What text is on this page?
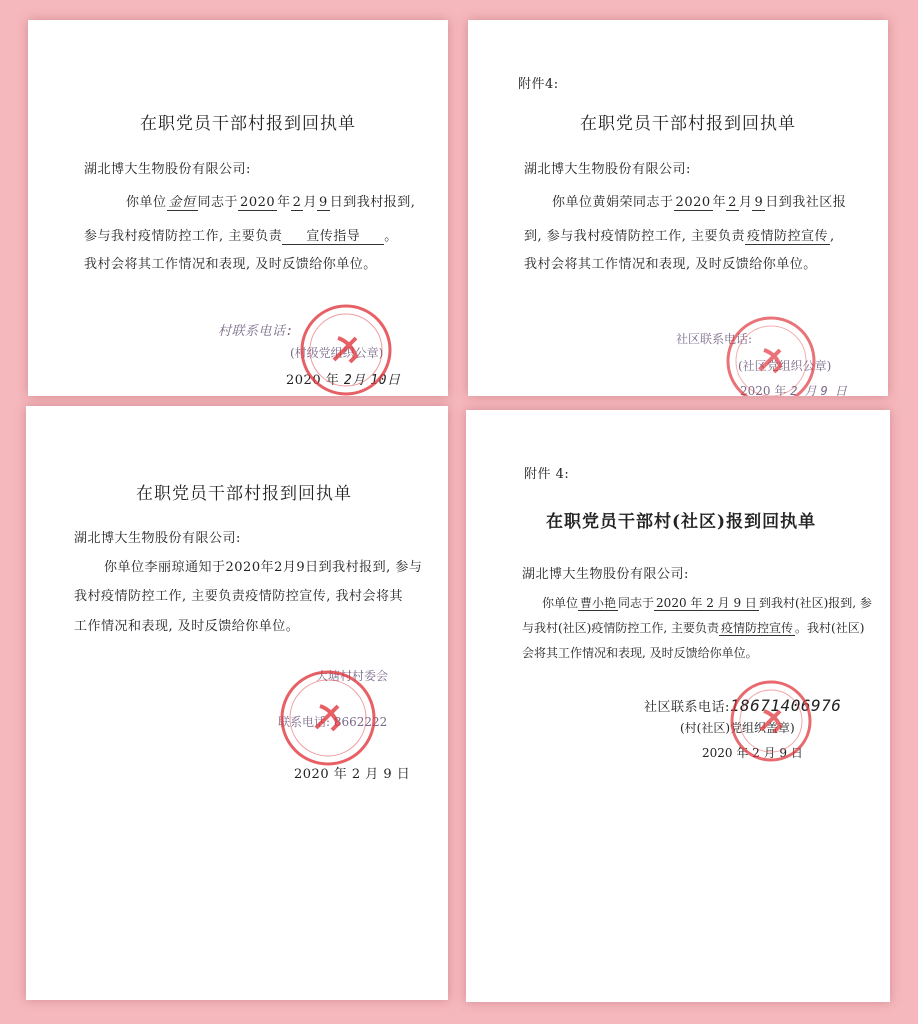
在职党员干部村报到回执单
湖北博大生物股份有限公司:
你单位 金恒 同志于 2020 年 2 月 9 日到我村报到,
参与我村疫情防控工作, 主要负责 宣传指导 。
我村会将其工作情况和表现, 及时反馈给你单位。
村联系电话:
(村级党组织公章)
2020 年 2月 10日
附件4:
在职党员干部村报到回执单
湖北博大生物股份有限公司:
你单位黄娟荣同志于 2020 年 2 月 9 日到我社区报
到, 参与我村疫情防控工作, 主要负责 疫情防控宣传 ,
我村会将其工作情况和表现, 及时反馈给你单位。
社区联系电话:
(社区党组织公章)
2020 年 2 月 9 日
在职党员干部村报到回执单
湖北博大生物股份有限公司:
你单位李丽琼通知于2020年2月9日到我村报到, 参与
我村疫情防控工作, 主要负责疫情防控宣传, 我村会将其
工作情况和表现, 及时反馈给你单位。
大塘村村委会
联系电话: 8662222
2020 年 2 月 9 日
附件 4:
在职党员干部村(社区)报到回执单
湖北博大生物股份有限公司:
你单位 曹小艳 同志于 2020 年 2 月 9 日 到我村(社区)报到, 参
与我村(社区)疫情防控工作, 主要负责 疫情防控宣传 。我村(社区)
会将其工作情况和表现, 及时反馈给你单位。
社区联系电话:18671406976
(村(社区)党组织盖章)
2020 年 2 月 9 日
